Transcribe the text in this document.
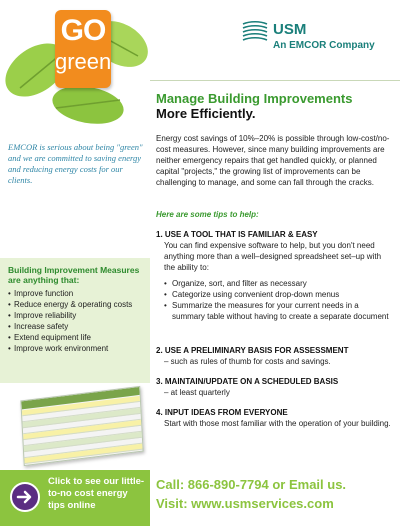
GO
green
EMCOR is serious about being "green" and we are committed to saving energy and reducing energy costs for our clients.
Building Improvement Measures are anything that:
• Improve function
• Reduce energy & operating costs
• Improve reliability
• Increase safety
• Extend equipment life
• Improve work environment
Click to see our little-to-no cost energy tips online
USM
An EMCOR Company
Manage Building Improvements
More Efficiently.
Energy cost savings of 10%–20% is possible through low-cost/no-cost measures. However, since many building improvements are neither emergency repairs that get handled quickly, or planned capital "projects," the growing list of improvements can be challenging to manage, and some can fall through the cracks.
Here are some tips to help:
1. USE A TOOL THAT IS FAMILIAR & EASY
You can find expensive software to help, but you don't need anything more than a well–designed spreadsheet set–up with the ability to:
• Organize, sort, and filter as necessary
• Categorize using convenient drop-down menus
• Summarize the measures for your current needs in a summary table without having to create a separate document
2. USE A PRELIMINARY BASIS FOR ASSESSMENT
– such as rules of thumb for costs and savings.
3. MAINTAIN/UPDATE ON A SCHEDULED BASIS
– at least quarterly
4. INPUT IDEAS FROM EVERYONE
Start with those most familiar with the operation of your building.
Call: 866-890-7794 or Email us.
Visit: www.usmservices.com
